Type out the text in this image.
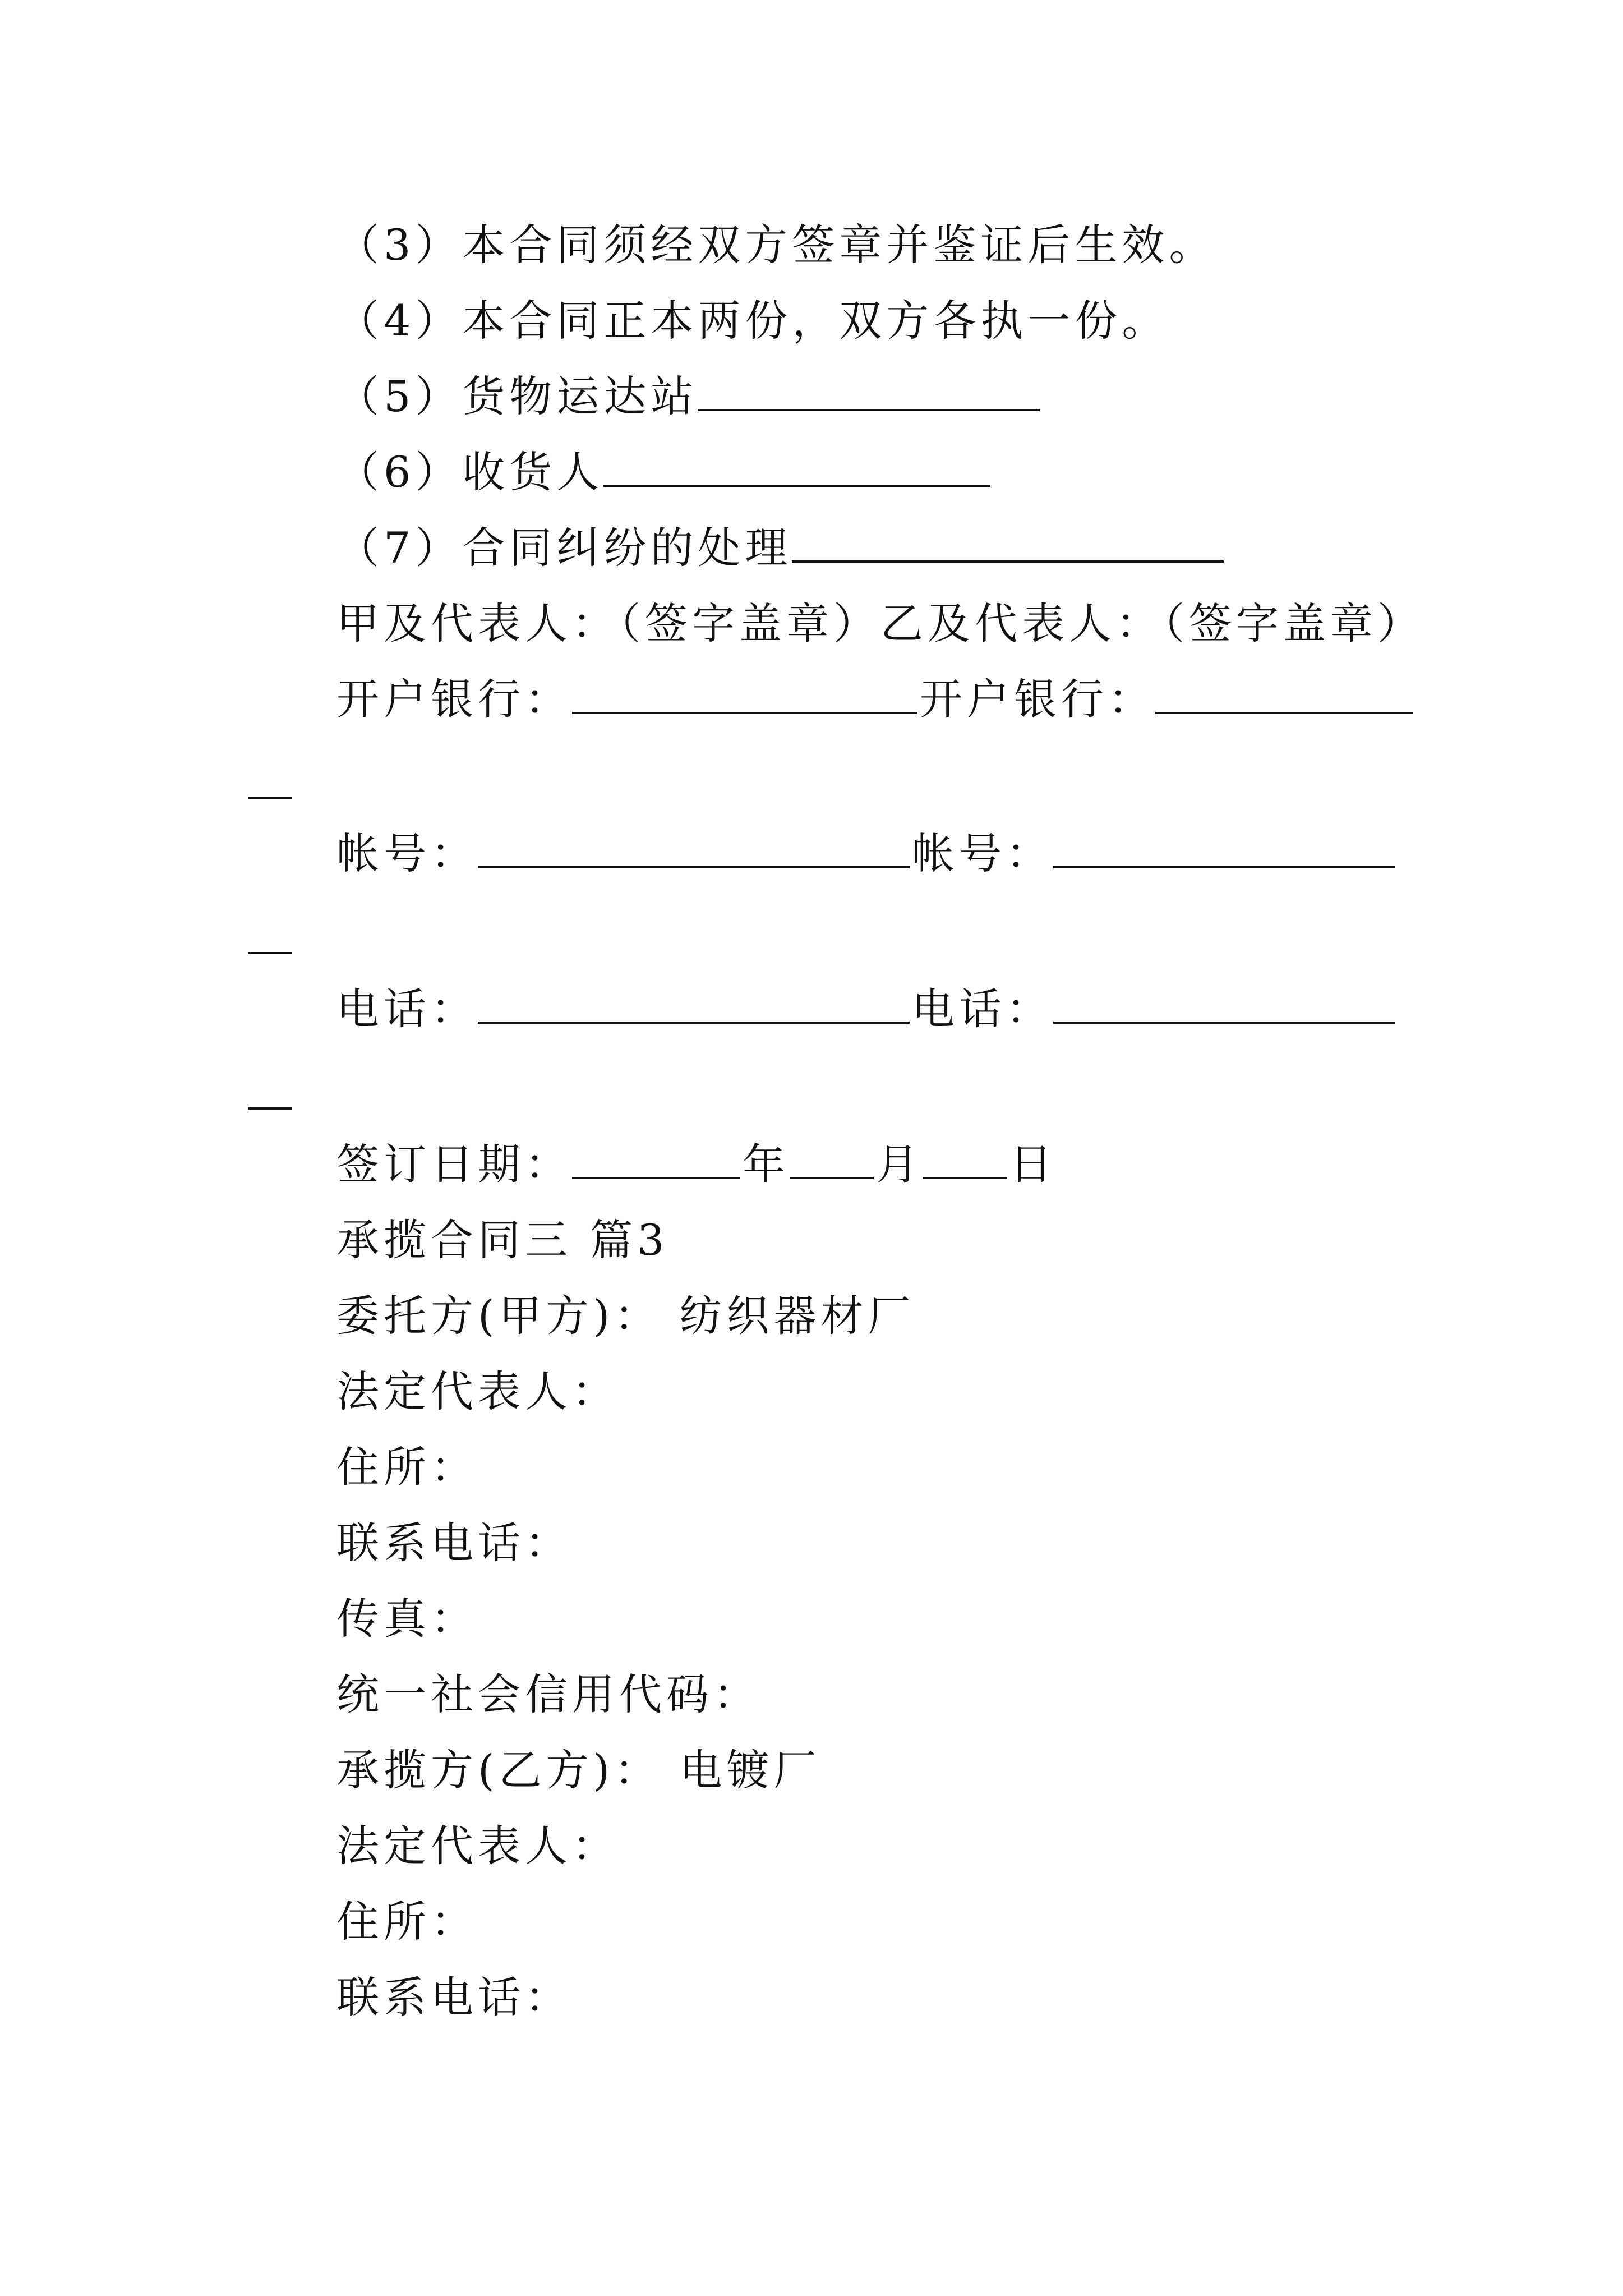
（3）本合同须经双方签章并鉴证后生效。
（4）本合同正本两份，双方各执一份。
（5）货物运达站
（6）收货人
（7）合同纠纷的处理
甲及代表人：（签字盖章）乙及代表人：（签字盖章）
开户银行：	开户银行：
帐号：	帐号：
电话：	电话：
签订日期：	年 月 日
承揽合同三 篇3
委托方(甲方)： 纺织器材厂
法定代表人：
住所：
联系电话：
传真：
统一社会信用代码：
承揽方(乙方)： 电镀厂
法定代表人：
住所：
联系电话：
